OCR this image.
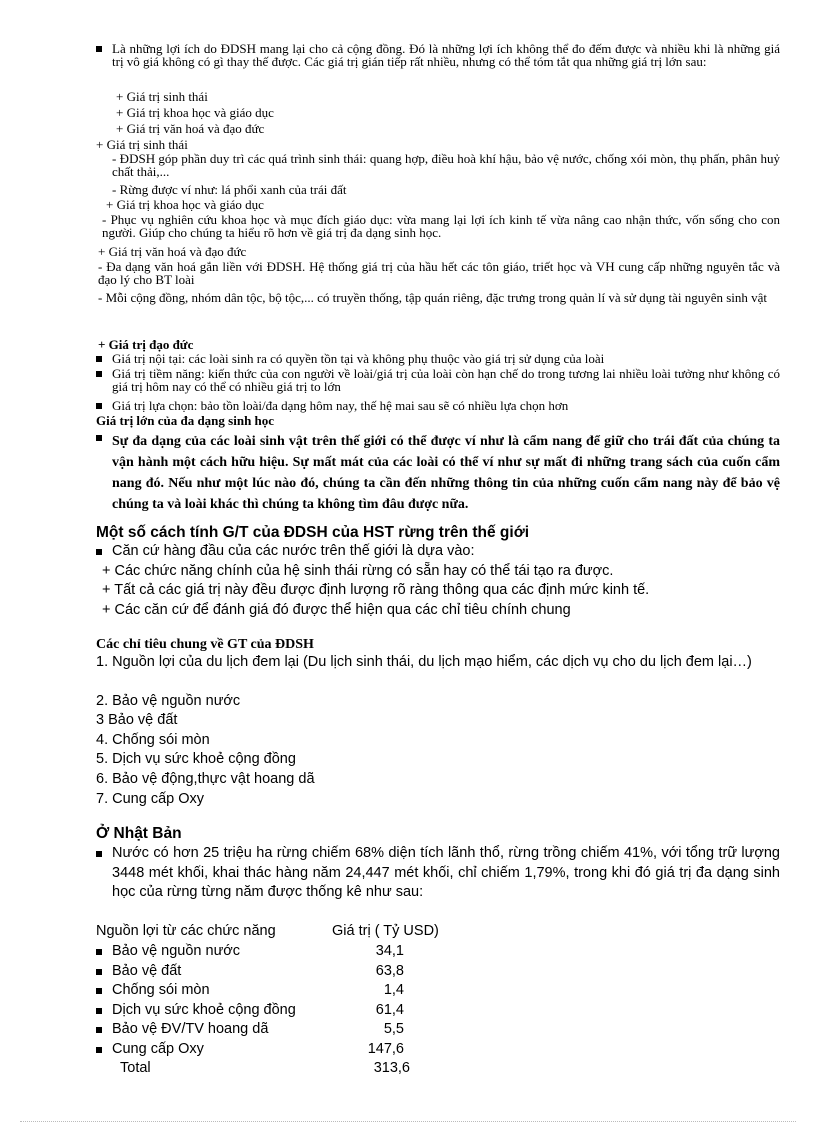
Là những lợi ích do ĐDSH mang lại cho cả cộng đồng. Đó là những lợi ích không thể đo đếm được và nhiều khi là những giá trị vô giá không có gì thay thế được. Các giá trị gián tiếp rất nhiều, nhưng có thể tóm tắt qua những giá trị lớn sau:
+ Giá trị sinh thái
+ Giá trị khoa học và giáo dục
+ Giá trị văn hoá và đạo đức
+ Giá trị sinh thái
- ĐDSH góp phần duy trì các quá trình sinh thái: quang hợp, điều hoà khí hậu, bảo vệ nước, chống xói mòn, thụ phấn, phân huỷ chất thải,...
- Rừng được ví như: lá phổi xanh của trái đất
+ Giá trị khoa học và giáo dục
- Phục vụ nghiên cứu khoa học và mục đích giáo dục: vừa mang lại lợi ích kinh tế vừa nâng cao nhận thức, vốn sống cho con người. Giúp cho chúng ta hiểu rõ hơn về giá trị đa dạng sinh học.
+ Giá trị văn hoá và đạo đức
- Đa dạng văn hoá gắn liền với ĐDSH. Hệ thống giá trị của hầu hết các tôn giáo, triết học và VH cung cấp những nguyên tắc và đạo lý cho BT loài
- Mỗi cộng đồng, nhóm dân tộc, bộ tộc,... có truyền thống, tập quán riêng, đặc trưng trong quản lí và sử dụng tài nguyên sinh vật
+ Giá trị đạo đức
Giá trị nội tại: các loài sinh ra có quyền tồn tại và không phụ thuộc vào giá trị sử dụng của loài
Giá trị tiềm năng: kiến thức của con người về loài/giá trị của loài còn hạn chế do trong tương lai nhiều loài tưởng như không có giá trị hôm nay có thể có nhiều giá trị to lớn
Giá trị lựa chọn: bảo tồn loài/đa dạng hôm nay, thế hệ mai sau sẽ có nhiều lựa chọn hơn
Giá trị lớn của đa dạng sinh học
Sự đa dạng của các loài sinh vật trên thế giới có thể được ví như là cẩm nang để giữ cho trái đất của chúng ta vận hành một cách hữu hiệu. Sự mất mát của các loài có thể ví như sự mất đi những trang sách của cuốn cẩm nang đó. Nếu như một lúc nào đó, chúng ta cần đến những thông tin của những cuốn cẩm nang này để bảo vệ chúng ta và loài khác thì chúng ta không tìm đâu được nữa.
Một số cách tính G/T của ĐDSH của HST rừng trên thế giới
Căn cứ hàng đầu của các nước trên thế giới là dựa vào:
+ Các chức năng chính của hệ sinh thái rừng có sẵn hay có thể tái tạo ra được.
+ Tất cả các giá trị này đều được định lượng rõ ràng thông qua các định mức kinh tế.
+ Các căn cứ để đánh giá đó được thể hiện qua các chỉ tiêu chính chung
Các chỉ tiêu chung về GT của ĐDSH
1. Nguồn lợi của du lịch đem lại (Du lịch sinh thái, du lịch mạo hiểm, các dịch vụ cho du lịch đem lại…)
2. Bảo vệ nguồn nước
3 Bảo vệ đất
4. Chống sói mòn
5. Dịch vụ sức khoẻ cộng đồng
6. Bảo vệ động,thực vật hoang dã
7. Cung cấp Oxy
Ở Nhật Bản
Nước có hơn 25 triệu ha rừng chiếm 68% diện tích lãnh thổ, rừng trồng chiếm 41%, với tổng trữ lượng 3448 mét khối, khai thác hàng năm 24,447 mét khối, chỉ chiếm 1,79%, trong khi đó giá trị đa dạng sinh học của rừng từng năm được thống kê như sau:
Nguồn lợi từ các chức năng	Giá trị ( Tỷ USD)
Bảo vệ nguồn nước	34,1
Bảo vệ đất	63,8
Chống sói mòn	1,4
Dịch vụ sức khoẻ cộng đồng	61,4
Bảo vệ ĐV/TV hoang dã	5,5
Cung cấp Oxy	147,6
Total	313,6
